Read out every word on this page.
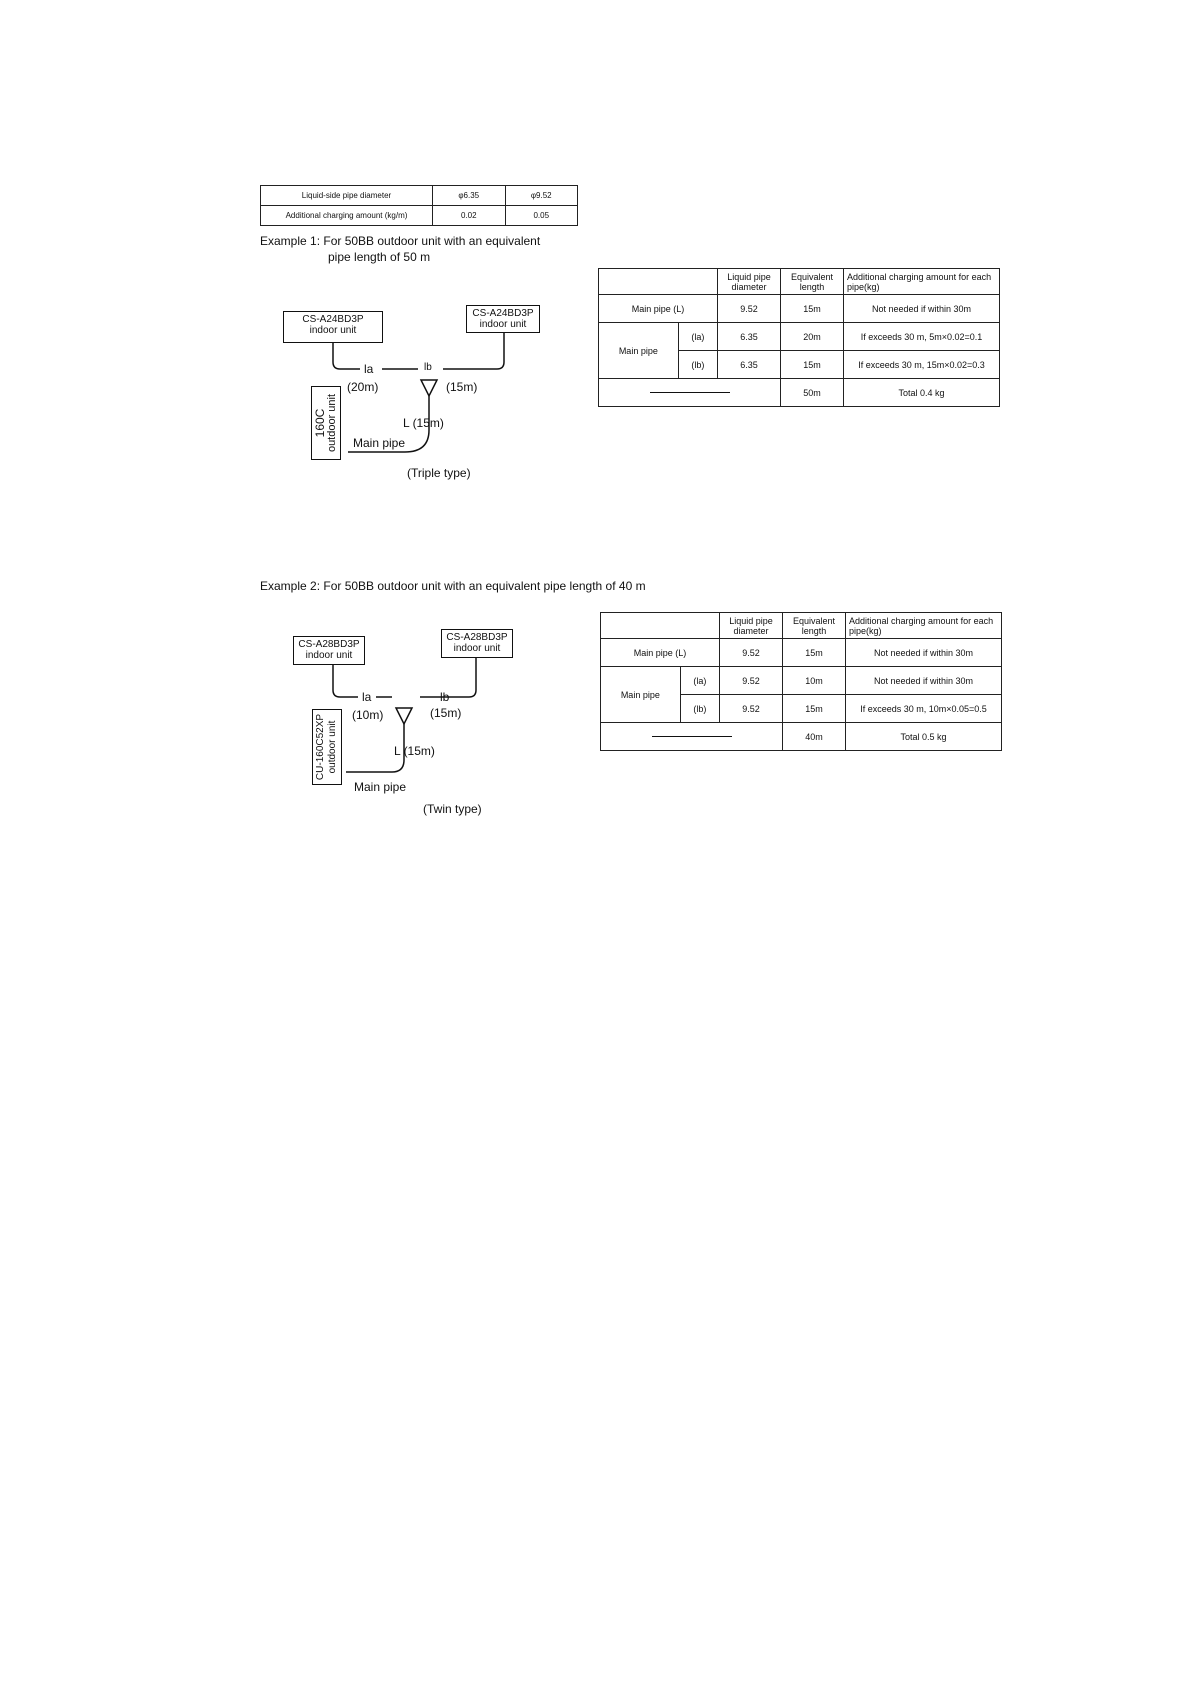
Liquid-side pipe diameter	φ6.35	φ9.52
Additional charging amount (kg/m)	0.02	0.05
Example 1: For 50BB outdoor unit with an equivalent
pipe length of 50 m
CS-A24BD3P
indoor unit
CS-A24BD3P
indoor unit
160C outdoor unit
la
(20m)
lb
(15m)
L (15m)
Main pipe
(Triple type)
		Liquid pipe diameter	Equivalent length	Additional charging amount for each pipe(kg)
Main pipe (L)		9.52	15m	Not needed if within 30m
Main pipe	(la)	6.35	20m	If exceeds 30 m, 5m×0.02=0.1
	(lb)	6.35	15m	If exceeds 30 m, 15m×0.02=0.3

			50m	Total 0.4 kg
Example 2: For 50BB outdoor unit with an equivalent pipe length of 40 m
CS-A28BD3P
indoor unit
CS-A28BD3P
indoor unit
CU-160C52XP outdoor unit
la
(10m)
lb
(15m)
L (15m)
Main pipe
(Twin type)
		Liquid pipe diameter	Equivalent length	Additional charging amount for each pipe(kg)
Main pipe (L)		9.52	15m	Not needed if within 30m
Main pipe	(la)	9.52	10m	Not needed if within 30m
	(lb)	9.52	15m	If exceeds 30 m, 10m×0.05=0.5

			40m	Total 0.5 kg
